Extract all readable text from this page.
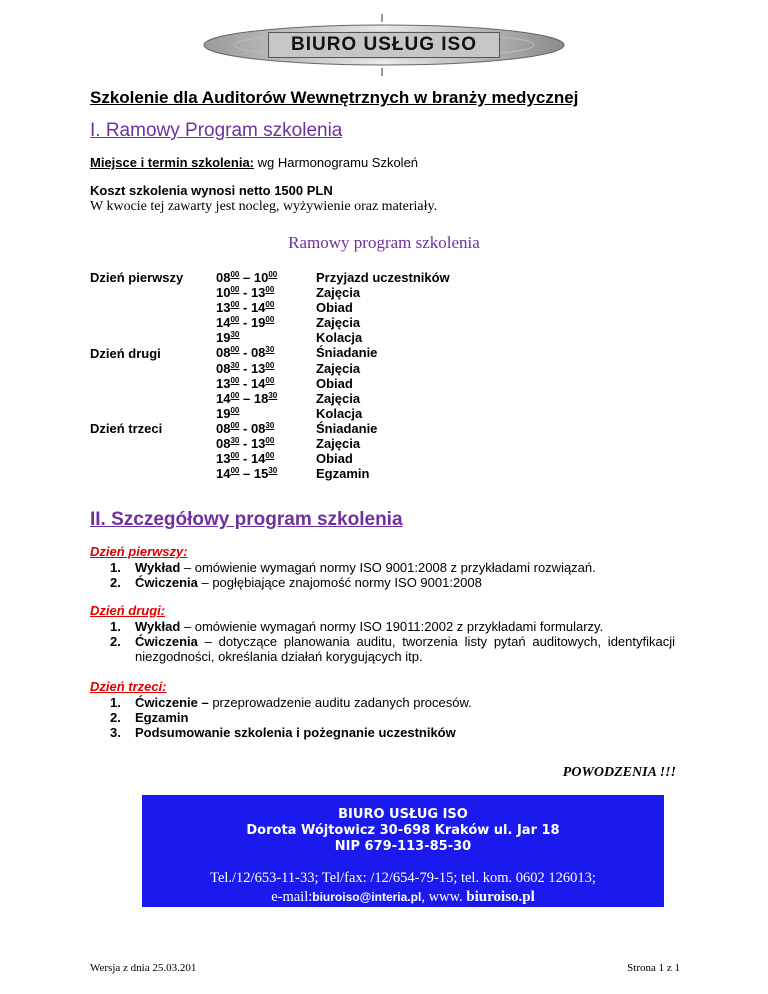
BIURO USŁUG ISO
Szkolenie dla Auditorów Wewnętrznych w branży medycznej
I. Ramowy Program szkolenia
Miejsce i termin szkolenia: wg Harmonogramu Szkoleń
Koszt szkolenia wynosi netto 1500 PLN
W kwocie tej zawarty jest nocleg, wyżywienie oraz materiały.
Ramowy program szkolenia
Dzień pierwszy
Dzień drugi
Dzień trzeci
$08^{00} - 10^{00}$
$10^{00} - 13^{00}$
$13^{00} - 14^{00}$
$14^{00} - 19^{00}$
$19^{30}$
$08^{00} - 08^{30}$
$08^{30} - 13^{00}$
$13^{00} - 14^{00}$
$14^{00} - 18^{30}$
$19^{00}$
$08^{00} - 08^{30}$
$08^{30} - 13^{00}$
$13^{00} - 14^{00}$
$14^{00} - 15^{30}$
Przyjazd uczestników
Zajęcia
Obiad
Zajęcia
Kolacja
Śniadanie
Zajęcia
Obiad
Zajęcia
Kolacja
Śniadanie
Zajęcia
Obiad
Egzamin
II. Szczegółowy program szkolenia
Dzień pierwszy:
1. Wykład – omówienie wymagań normy ISO 9001:2008 z przykładami rozwiązań.
2. Ćwiczenia – pogłębiające znajomość normy ISO 9001:2008
Dzień drugi:
1. Wykład – omówienie wymagań normy ISO 19011:2002 z przykładami formularzy.
2. Ćwiczenia – dotyczące planowania auditu, tworzenia listy pytań auditowych, identyfikacji niezgodności, określania działań korygujących itp.
Dzień trzeci:
1. Ćwiczenie – przeprowadzenie auditu zadanych procesów.
2. Egzamin
3. Podsumowanie szkolenia i pożegnanie uczestników
POWODZENIA !!!
BIURO USŁUG ISO
Dorota Wójtowicz 30-698 Kraków ul. Jar 18
NIP 679-113-85-30
Tel./12/653-11-33; Tel/fax: /12/654-79-15; tel. kom. 0602 126013;
e-mail:biuroiso@interia.pl, www. biuroiso.pl
Wersja z dnia 25.03.201	Strona 1 z 1
